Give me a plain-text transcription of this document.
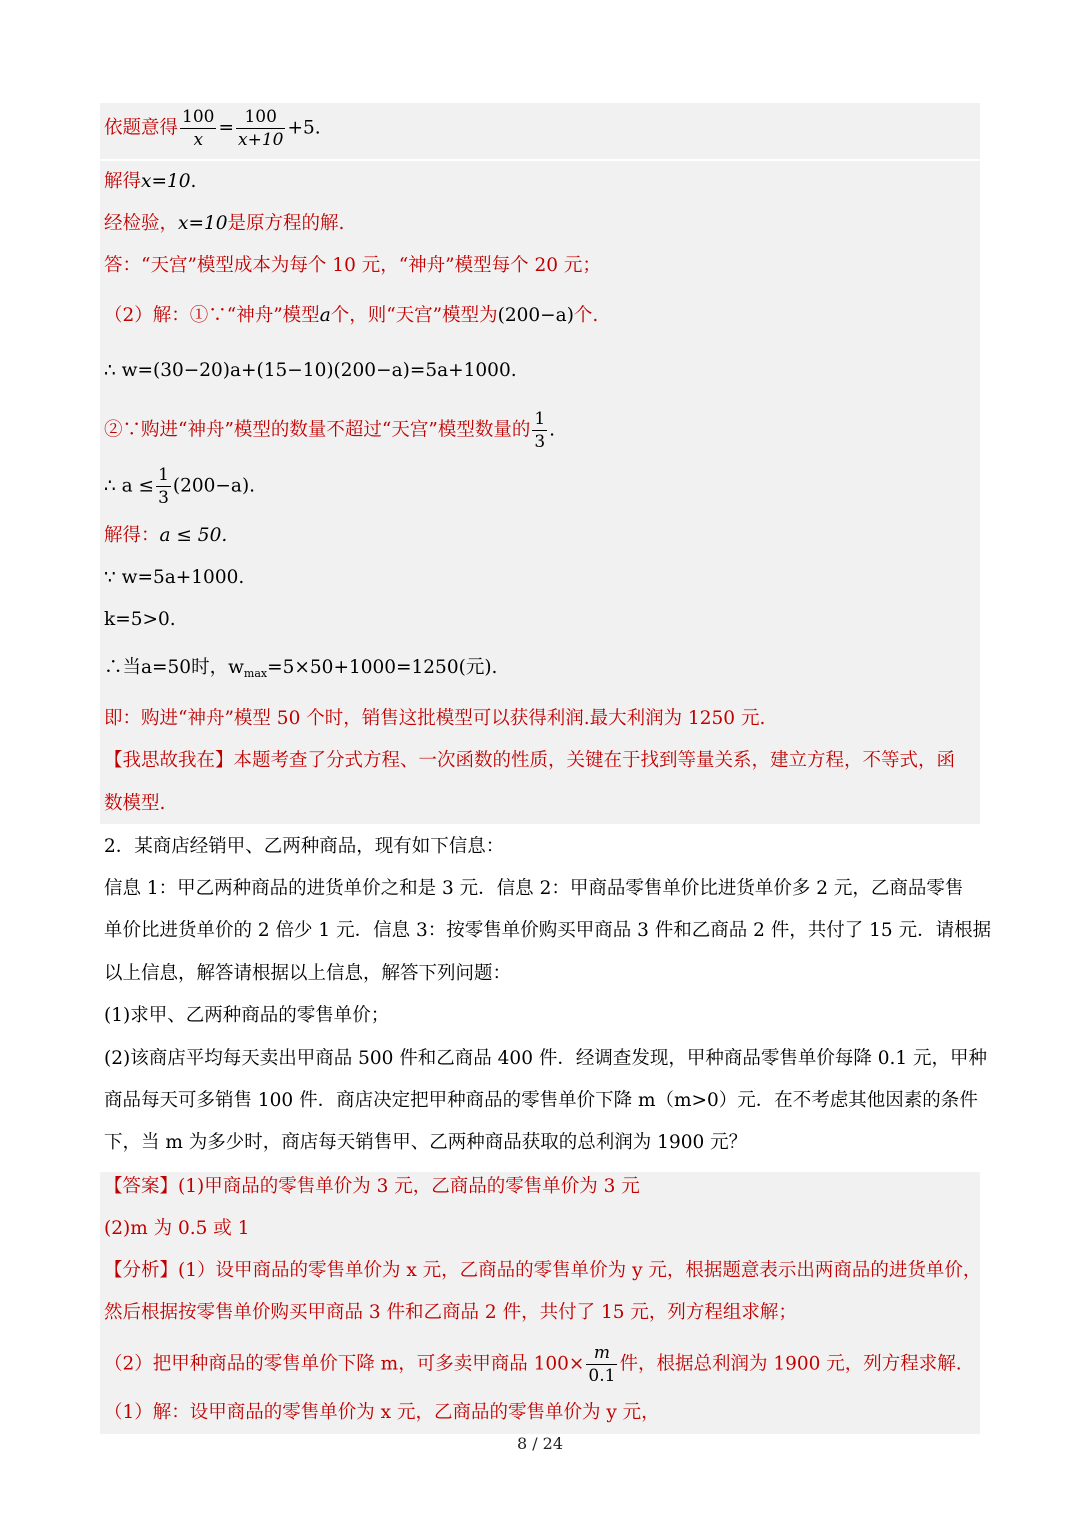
依题意得 $\frac{100}{x} = \frac{100}{x+10} +5$.
解得x=10.
经检验，x=10是原方程的解.
答：“天宫”模型成本为每个 10 元，“神舟”模型每个 20 元；
（2）解：①∵“神舟”模型a个，则“天宫”模型为(200−a)个.
∴ w=(30−20)a+(15−10)(200−a)=5a+1000.
②∵购进“神舟”模型的数量不超过“天宫”模型数量的 $\frac{1}{3}$ .
∴ $a \le \frac{1}{3} (200-a)$.
解得：a ≤ 50.
∵ w=5a+1000.
k=5>0.
∴当a=50时，$w_{max}=5\times 50+1000=1250$(元).
即：购进“神舟”模型 50 个时，销售这批模型可以获得利润.最大利润为 1250 元.
【我思故我在】本题考查了分式方程、一次函数的性质，关键在于找到等量关系，建立方程，不等式，函
数模型.
2．某商店经销甲、乙两种商品，现有如下信息：
信息 1：甲乙两种商品的进货单价之和是 3 元．信息 2：甲商品零售单价比进货单价多 2 元，乙商品零售
单价比进货单价的 2 倍少 1 元．信息 3：按零售单价购买甲商品 3 件和乙商品 2 件，共付了 15 元．请根据
以上信息，解答请根据以上信息，解答下列问题：
(1)求甲、乙两种商品的零售单价；
(2)该商店平均每天卖出甲商品 500 件和乙商品 400 件．经调查发现，甲种商品零售单价每降 0.1 元，甲种
商品每天可多销售 100 件．商店决定把甲种商品的零售单价下降 m（m>0）元．在不考虑其他因素的条件
下，当 m 为多少时，商店每天销售甲、乙两种商品获取的总利润为 1900 元？
【答案】(1)甲商品的零售单价为 3 元，乙商品的零售单价为 3 元
(2)m 为 0.5 或 1
【分析】(1）设甲商品的零售单价为 x 元，乙商品的零售单价为 y 元，根据题意表示出两商品的进货单价，
然后根据按零售单价购买甲商品 3 件和乙商品 2 件，共付了 15 元，列方程组求解；
（2）把甲种商品的零售单价下降 m，可多卖甲商品 $100\times \frac{m}{0.1}$ 件，根据总利润为 1900 元，列方程求解.
（1）解：设甲商品的零售单价为 x 元，乙商品的零售单价为 y 元，
8 / 24
